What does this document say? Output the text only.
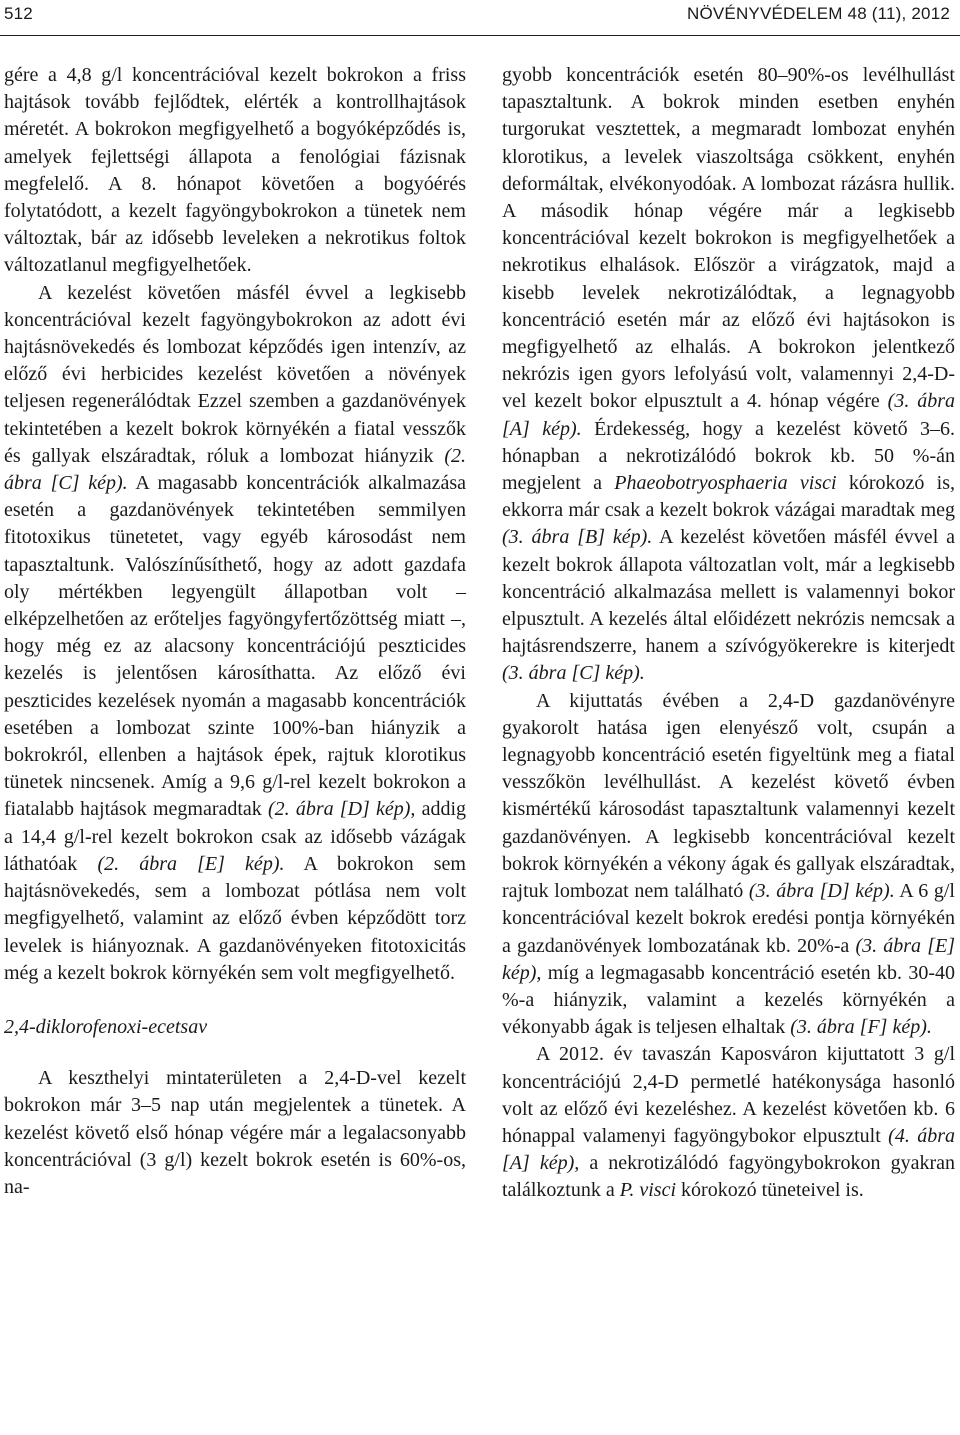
512	NÖVÉNYVÉDELEM 48 (11), 2012

gére a 4,8 g/l koncentrációval kezelt bokrokon a friss hajtások tovább fejlődtek, elérték a kontrollhajtások méretét. A bokrokon megfigyelhető a bogyóképződés is, amelyek fejlettségi állapota a fenológiai fázisnak megfelelő. A 8. hónapot követően a bogyóérés folytatódott, a kezelt fagyöngybokrokon a tünetek nem változtak, bár az idősebb leveleken a nekrotikus foltok változatlanul megfigyelhetőek.

A kezelést követően másfél évvel a legkisebb koncentrációval kezelt fagyöngybokrokon az adott évi hajtásnövekedés és lombozat képződés igen intenzív, az előző évi herbicides kezelést követően a növények teljesen regenerálódtak Ezzel szemben a gazdanövények tekintetében a kezelt bokrok környékén a fiatal vesszők és gallyak elszáradtak, róluk a lombozat hiányzik (2. ábra [C] kép). A magasabb koncentrációk alkalmazása esetén a gazdanövények tekintetében semmilyen fitotoxikus tünetetet, vagy egyéb károsodást nem tapasztaltunk. Valószínűsíthető, hogy az adott gazdafa oly mértékben legyengült állapotban volt – elképzelhetően az erőteljes fagyöngyfertőzöttség miatt –, hogy még ez az alacsony koncentrációjú peszticides kezelés is jelentősen károsíthatta. Az előző évi peszticides kezelések nyomán a magasabb koncentrációk esetében a lombozat szinte 100%-ban hiányzik a bokrokról, ellenben a hajtások épek, rajtuk klorotikus tünetek nincsenek. Amíg a 9,6 g/l-rel kezelt bokrokon a fiatalabb hajtások megmaradtak (2. ábra [D] kép), addig a 14,4 g/l-rel kezelt bokrokon csak az idősebb vázágak láthatóak (2. ábra [E] kép). A bokrokon sem hajtásnövekedés, sem a lombozat pótlása nem volt megfigyelhető, valamint az előző évben képződött torz levelek is hiányoznak. A gazdanövényeken fitotoxicitás még a kezelt bokrok környékén sem volt megfigyelhető.

2,4-diklorofenoxi-ecetsav

A keszthelyi mintaterületen a 2,4-D-vel kezelt bokrokon már 3–5 nap után megjelentek a tünetek. A kezelést követő első hónap végére már a legalacsonyabb koncentrációval (3 g/l) kezelt bokrok esetén is 60%-os, na-

gyobb koncentrációk esetén 80–90%-os levélhullást tapasztaltunk. A bokrok minden esetben enyhén turgorukat vesztettek, a megmaradt lombozat enyhén klorotikus, a levelek viaszoltsága csökkent, enyhén deformáltak, elvékonyodóak. A lombozat rázásra hullik. A második hónap végére már a legkisebb koncentrációval kezelt bokrokon is megfigyelhetőek a nekrotikus elhalások. Először a virágzatok, majd a kisebb levelek nekrotizálódtak, a legnagyobb koncentráció esetén már az előző évi hajtásokon is megfigyelhető az elhalás. A bokrokon jelentkező nekrózis igen gyors lefolyású volt, valamennyi 2,4-D-vel kezelt bokor elpusztult a 4. hónap végére (3. ábra [A] kép). Érdekesség, hogy a kezelést követő 3–6. hónapban a nekrotizálódó bokrok kb. 50 %-án megjelent a Phaeobotryosphaeria visci kórokozó is, ekkorra már csak a kezelt bokrok vázágai maradtak meg (3. ábra [B] kép). A kezelést követően másfél évvel a kezelt bokrok állapota változatlan volt, már a legkisebb koncentráció alkalmazása mellett is valamennyi bokor elpusztult. A kezelés által előidézett nekrózis nemcsak a hajtásrendszerre, hanem a szívógyökerekre is kiterjedt (3. ábra [C] kép).

A kijuttatás évében a 2,4-D gazdanövényre gyakorolt hatása igen elenyésző volt, csupán a legnagyobb koncentráció esetén figyeltünk meg a fiatal vesszőkön levélhullást. A kezelést követő évben kismértékű károsodást tapasztaltunk valamennyi kezelt gazdanövényen. A legkisebb koncentrációval kezelt bokrok környékén a vékony ágak és gallyak elszáradtak, rajtuk lombozat nem található (3. ábra [D] kép). A 6 g/l koncentrációval kezelt bokrok eredési pontja környékén a gazdanövények lombozatának kb. 20%-a (3. ábra [E] kép), míg a legmagasabb koncentráció esetén kb. 30-40 %-a hiányzik, valamint a kezelés környékén a vékonyabb ágak is teljesen elhaltak (3. ábra [F] kép).

A 2012. év tavaszán Kaposváron kijuttatott 3 g/l koncentrációjú 2,4-D permetlé hatékonysága hasonló volt az előző évi kezeléshez. A kezelést követően kb. 6 hónappal valamenyi fagyöngybokor elpusztult (4. ábra [A] kép), a nekrotizálódó fagyöngybokrokon gyakran találkoztunk a P. visci kórokozó tüneteivel is.
